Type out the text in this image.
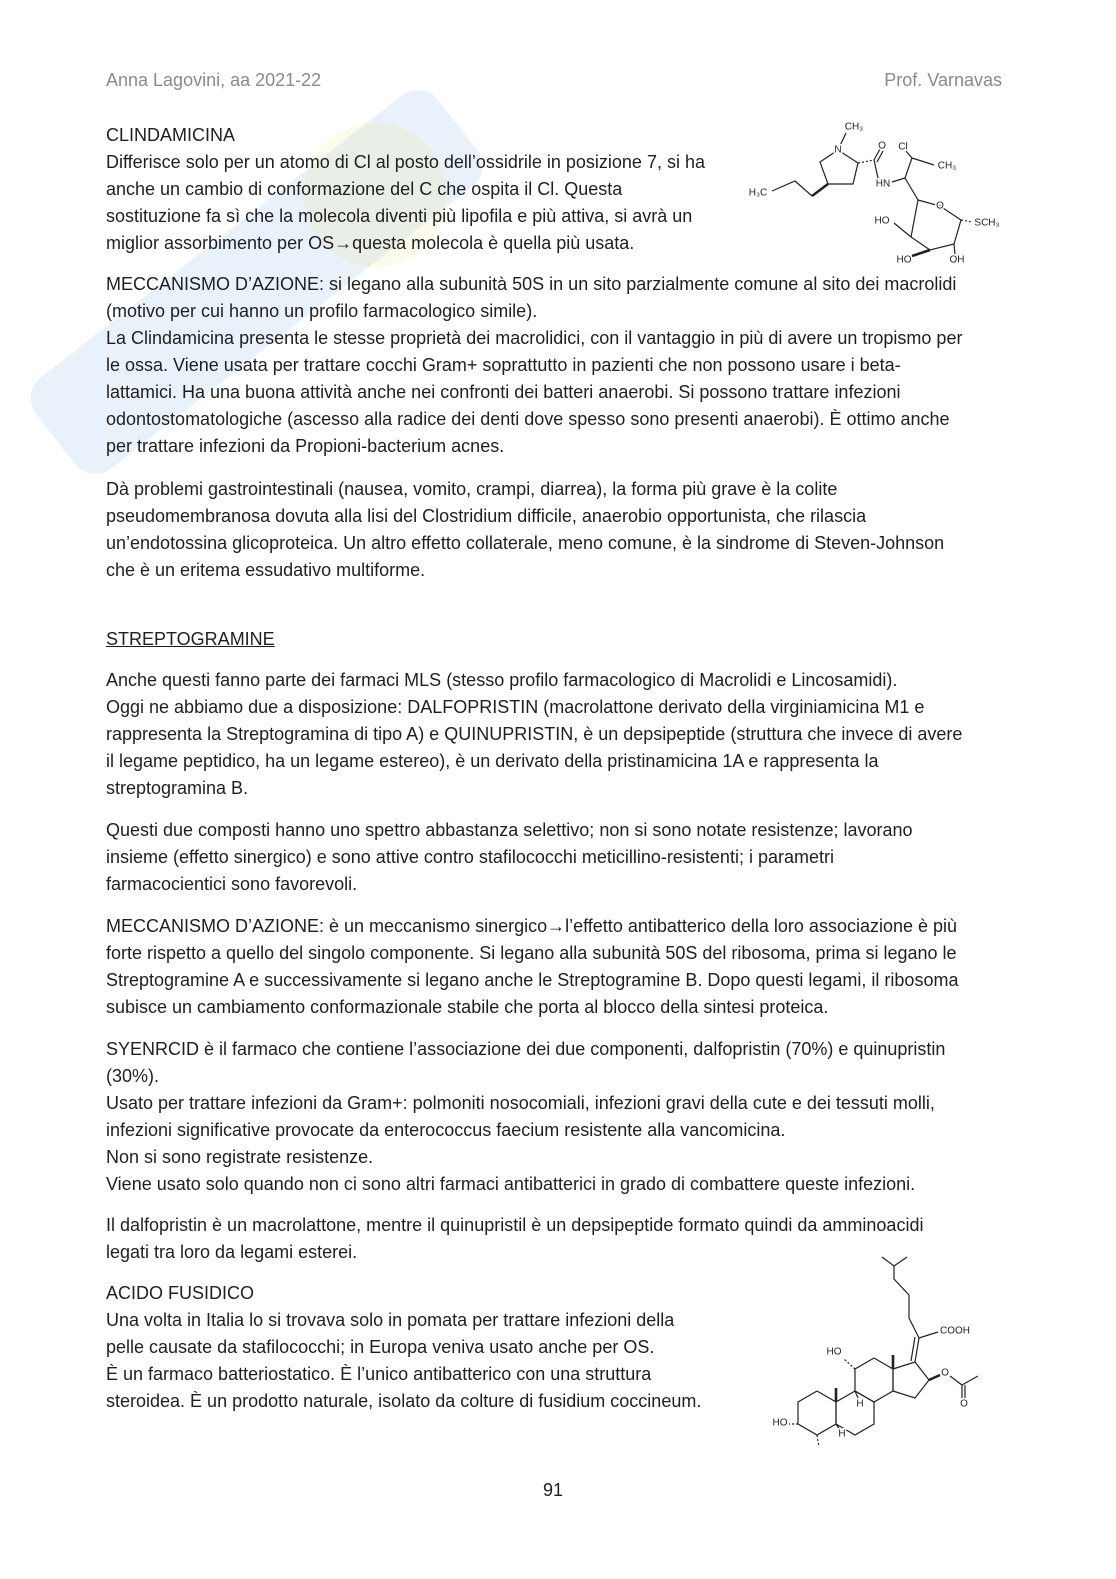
Anna Lagovini, aa 2021-22	Prof. Varnavas
CLINDAMICINA
Differisce solo per un atomo di Cl al posto dell’ossidrile in posizione 7, si ha
anche un cambio di conformazione del C che ospita il Cl. Questa
sostituzione fa sì che la molecola diventi più lipofila e più attiva, si avrà un
miglior assorbimento per OS→questa molecola è quella più usata.
CH₃
N	O Cl
CH₃
H₃C
HN
HO
O
SCH₃
HO	OH
MECCANISMO D’AZIONE: si legano alla subunità 50S in un sito parzialmente comune al sito dei macrolidi
(motivo per cui hanno un profilo farmacologico simile).
La Clindamicina presenta le stesse proprietà dei macrolidici, con il vantaggio in più di avere un tropismo per
le ossa. Viene usata per trattare cocchi Gram+ soprattutto in pazienti che non possono usare i beta-
lattamici. Ha una buona attività anche nei confronti dei batteri anaerobi. Si possono trattare infezioni
odontostomatologiche (ascesso alla radice dei denti dove spesso sono presenti anaerobi). È ottimo anche
per trattare infezioni da Propioni-bacterium acnes.
Dà problemi gastrointestinali (nausea, vomito, crampi, diarrea), la forma più grave è la colite
pseudomembranosa dovuta alla lisi del Clostridium difficile, anaerobio opportunista, che rilascia
un’endotossina glicoproteica. Un altro effetto collaterale, meno comune, è la sindrome di Steven-Johnson
che è un eritema essudativo multiforme.
STREPTOGRAMINE
Anche questi fanno parte dei farmaci MLS (stesso profilo farmacologico di Macrolidi e Lincosamidi).
Oggi ne abbiamo due a disposizione: DALFOPRISTIN (macrolattone derivato della virginiamicina M1 e
rappresenta la Streptogramina di tipo A) e QUINUPRISTIN, è un depsipeptide (struttura che invece di avere
il legame peptidico, ha un legame estereo), è un derivato della pristinamicina 1A e rappresenta la
streptogramina B.
Questi due composti hanno uno spettro abbastanza selettivo; non si sono notate resistenze; lavorano
insieme (effetto sinergico) e sono attive contro stafilococchi meticillino-resistenti; i parametri
farmacocientici sono favorevoli.
MECCANISMO D’AZIONE: è un meccanismo sinergico→l’effetto antibatterico della loro associazione è più
forte rispetto a quello del singolo componente. Si legano alla subunità 50S del ribosoma, prima si legano le
Streptogramine A e successivamente si legano anche le Streptogramine B. Dopo questi legami, il ribosoma
subisce un cambiamento conformazionale stabile che porta al blocco della sintesi proteica.
SYENRCID è il farmaco che contiene l’associazione dei due componenti, dalfopristin (70%) e quinupristin
(30%).
Usato per trattare infezioni da Gram+: polmoniti nosocomiali, infezioni gravi della cute e dei tessuti molli,
infezioni significative provocate da enterococcus faecium resistente alla vancomicina.
Non si sono registrate resistenze.
Viene usato solo quando non ci sono altri farmaci antibatterici in grado di combattere queste infezioni.
Il dalfopristin è un macrolattone, mentre il quinupristil è un depsipeptide formato quindi da amminoacidi
legati tra loro da legami esterei.
ACIDO FUSIDICO
Una volta in Italia lo si trovava solo in pomata per trattare infezioni della
pelle causate da stafilococchi; in Europa veniva usato anche per OS.
È un farmaco batteriostatico. È l’unico antibatterico con una struttura
steroidea. È un prodotto naturale, isolato da colture di fusidium coccineum.
COOH
HO
HO
H
H
O
O
91
